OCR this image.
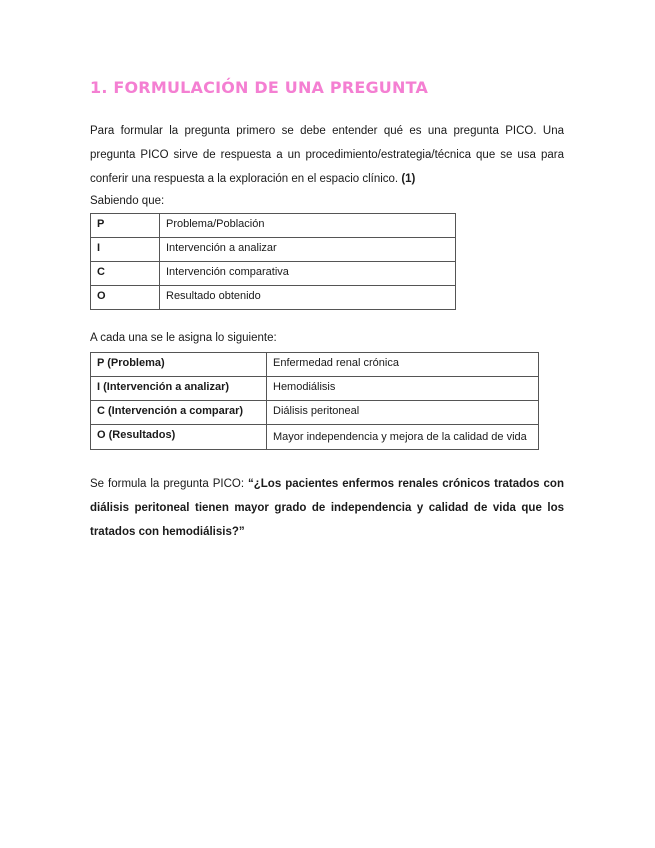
1. FORMULACIÓN DE UNA PREGUNTA

Para formular la pregunta primero se debe entender qué es una pregunta PICO. Una pregunta PICO sirve de respuesta a un procedimiento/estrategia/técnica que se usa para conferir una respuesta a la exploración en el espacio clínico. (1)

Sabiendo que:

P	Problema/Población
I	Intervención a analizar
C	Intervención comparativa
O	Resultado obtenido

A cada una se le asigna lo siguiente:

P (Problema)	Enfermedad renal crónica
I (Intervención a analizar)	Hemodiálisis
C (Intervención a comparar)	Diálisis peritoneal
O (Resultados)	Mayor independencia y mejora de la calidad de vida

Se formula la pregunta PICO: “¿Los pacientes enfermos renales crónicos tratados con diálisis peritoneal tienen mayor grado de independencia y calidad de vida que los tratados con hemodiálisis?”
